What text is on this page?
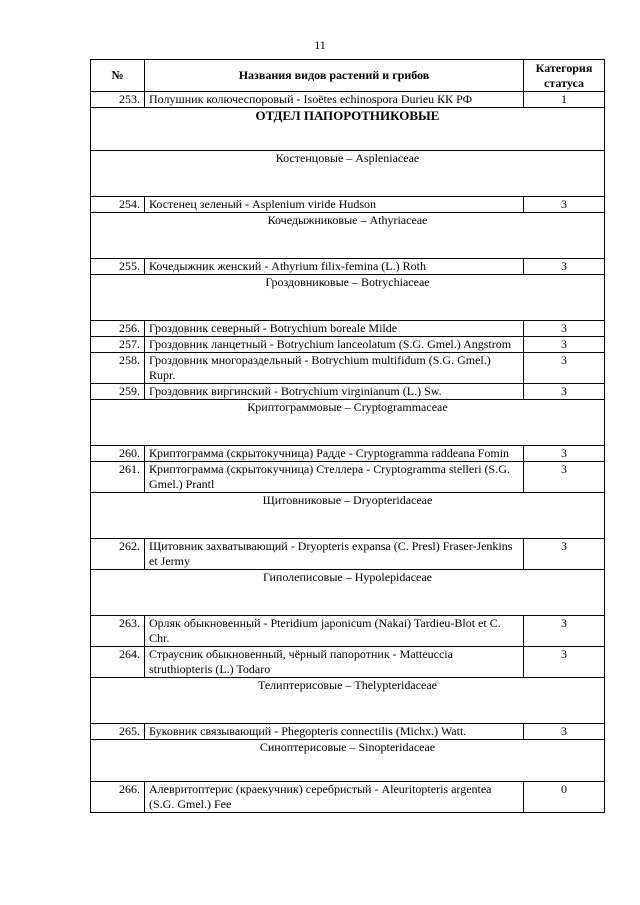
11
№	Названия видов растений и грибов	Категория статуса
253.	Полушник колючеспоровый - Isoëtes echinospora Durieu КК РФ	1
ОТДЕЛ ПАПОРОТНИКОВЫЕ		
Костенцовые – Aspleniaceae		
254.	Костенец зеленый - Asplenium viride Hudson	3
Кочедыжниковые – Athyriaceae		
255.	Кочедыжник женский - Athyrium filix-femina (L.) Roth	3
Гроздовниковые – Botrychiaceae		
256.	Гроздовник северный - Botrychium boreale Milde	3
257.	Гроздовник ланцетный - Botrychium lanceolatum (S.G. Gmel.) Angstrom	3
258.	Гроздовник многораздельный - Botrychium multifidum (S.G. Gmel.) Rupr.	3
259.	Гроздовник виргинский - Botrychium virginianum (L.) Sw.	3
Криптограммовые – Cryptogrammaceae		
260.	Криптограмма (скрытокучница) Радде - Cryptogramma raddeana Fomin	3
261.	Криптограмма (скрытокучница) Стеллера - Cryptogramma stelleri (S.G. Gmel.) Prantl	3
Щитовниковые – Dryopteridaceae		
262.	Щитовник захватывающий - Dryopteris expansa (C. Presl) Fraser-Jenkins et Jermy	3
Гиполеписовые – Hypolepidaceae		
263.	Орляк обыкновенный - Pteridium japonicum (Nakai) Tardieu-Blot et C. Chr.	3
264.	Страусник обыкновенный, чёрный папоротник - Matteuccia struthiopteris (L.) Todaro	3
Телиптерисовые – Thelypteridaceae		
265.	Буковник связывающий - Phegopteris connectilis (Michx.) Watt.	3
Синоптерисовые – Sinopteridaceae		
266.	Алевритоптерис (краекучник) серебристый - Aleuritopteris argentea (S.G. Gmel.) Fee	0
